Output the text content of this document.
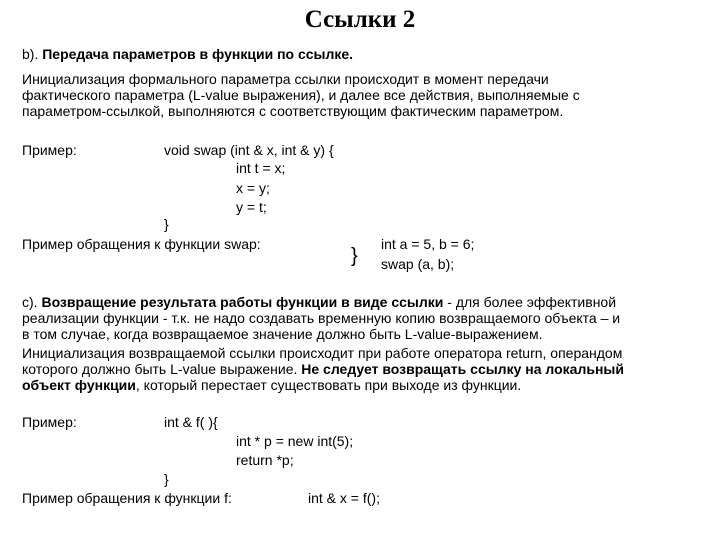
Ссылки 2
b). Передача параметров в функции по ссылке.
Инициализация формального параметра ссылки происходит в момент передачи
фактического параметра (L-value выражения), и далее все действия, выполняемые с
параметром-ссылкой, выполняются с соответствующим фактическим параметром.
Пример:	void swap (int & x, int & y) {
int t = x;
x = y;
y = t;
}
Пример обращения к функции swap:
}
int a = 5, b = 6;
swap (a, b);
с). Возвращение результата работы функции в виде ссылки - для более эффективной
реализации функции - т.к. не надо создавать временную копию возвращаемого объекта – и
в том случае, когда возвращаемое значение должно быть L-value-выражением.
Инициализация возвращаемой ссылки происходит при работе оператора return, операндом
которого должно быть L-value выражение. Не следует возвращать ссылку на локальный
объект функции, который перестает существовать при выходе из функции.
Пример:	int & f( ){
int * p = new int(5);
return *p;
}
Пример обращения к функции f:	int & x = f();
